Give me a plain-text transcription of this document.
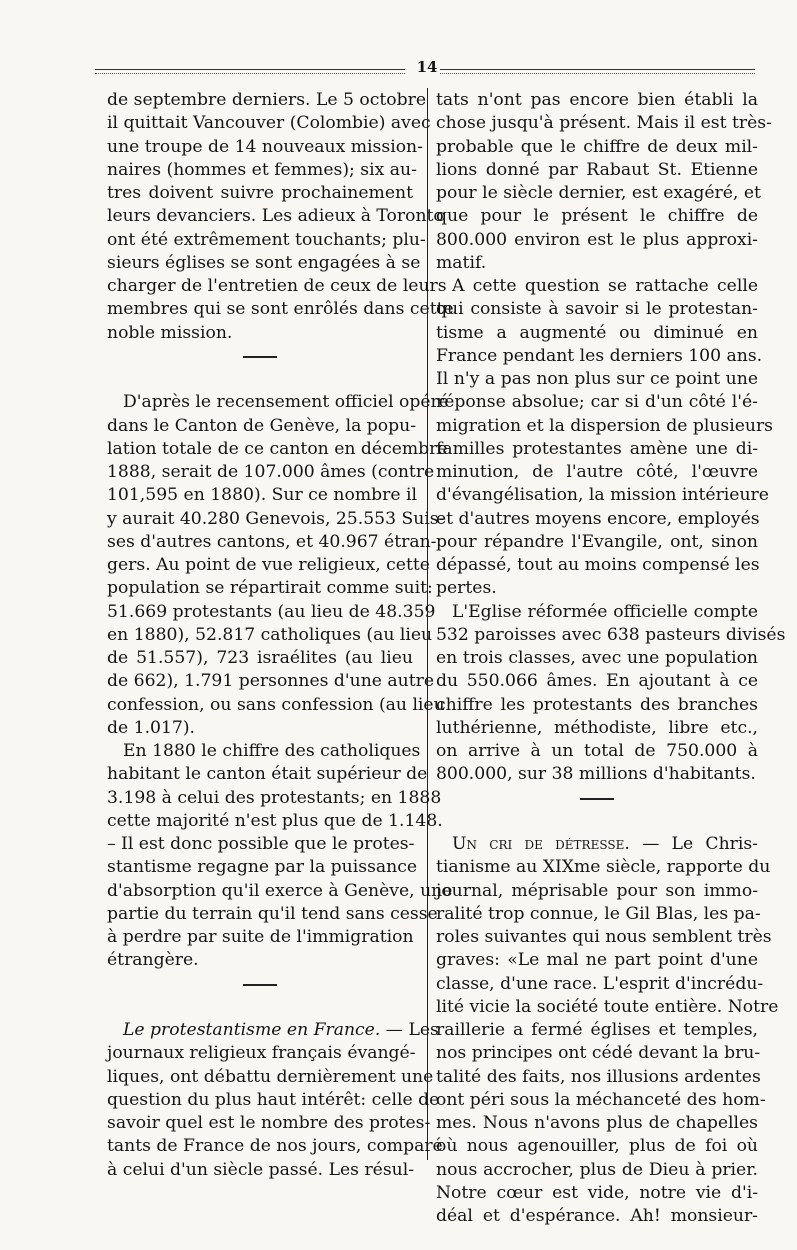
14
de septembre derniers. Le 5 octobre
il quittait Vancouver (Colombie) avec
une troupe de 14 nouveaux mission-
naires (hommes et femmes); six au-
tres doivent suivre prochainement
leurs devanciers. Les adieux à Toronto
ont été extrêmement touchants; plu-
sieurs églises se sont engagées à se
charger de l'entretien de ceux de leurs
membres qui se sont enrôlés dans cette
noble mission.
D'après le recensement officiel opéré
dans le Canton de Genève, la popu-
lation totale de ce canton en décembre
1888, serait de 107.000 âmes (contre
101,595 en 1880). Sur ce nombre il
y aurait 40.280 Genevois, 25.553 Suis-
ses d'autres cantons, et 40.967 étran-
gers. Au point de vue religieux, cette
population se répartirait comme suit:
51.669 protestants (au lieu de 48.359
en 1880), 52.817 catholiques (au lieu
de 51.557), 723 israélites (au lieu
de 662), 1.791 personnes d'une autre
confession, ou sans confession (au lieu
de 1.017).
En 1880 le chiffre des catholiques
habitant le canton était supérieur de
3.198 à celui des protestants; en 1888
cette majorité n'est plus que de 1.148.
– Il est donc possible que le protes-
stantisme regagne par la puissance
d'absorption qu'il exerce à Genève, une
partie du terrain qu'il tend sans cesse
à perdre par suite de l'immigration
étrangère.
Le protestantisme en France. — Les
journaux religieux français évangé-
liques, ont débattu dernièrement une
question du plus haut intérêt: celle de
savoir quel est le nombre des protes-
tants de France de nos jours, comparé
à celui d'un siècle passé. Les résul-
tats n'ont pas encore bien établi la
chose jusqu'à présent. Mais il est très-
probable que le chiffre de deux mil-
lions donné par Rabaut St. Etienne
pour le siècle dernier, est exagéré, et
que pour le présent le chiffre de
800.000 environ est le plus approxi-
matif.
A cette question se rattache celle
qui consiste à savoir si le protestan-
tisme a augmenté ou diminué en
France pendant les derniers 100 ans.
Il n'y a pas non plus sur ce point une
réponse absolue; car si d'un côté l'é-
migration et la dispersion de plusieurs
familles protestantes amène une di-
minution, de l'autre côté, l'œuvre
d'évangélisation, la mission intérieure
et d'autres moyens encore, employés
pour répandre l'Evangile, ont, sinon
dépassé, tout au moins compensé les
pertes.
L'Eglise réformée officielle compte
532 paroisses avec 638 pasteurs divisés
en trois classes, avec une population
du 550.066 âmes. En ajoutant à ce
chiffre les protestants des branches
luthérienne, méthodiste, libre etc.,
on arrive à un total de 750.000 à
800.000, sur 38 millions d'habitants.
Un cri de détresse. — Le Chris-
tianisme au XIXme siècle, rapporte du
journal, méprisable pour son immo-
ralité trop connue, le Gil Blas, les pa-
roles suivantes qui nous semblent très
graves: «Le mal ne part point d'une
classe, d'une race. L'esprit d'incrédu-
lité vicie la société toute entière. Notre
raillerie a fermé églises et temples,
nos principes ont cédé devant la bru-
talité des faits, nos illusions ardentes
ont péri sous la méchanceté des hom-
mes. Nous n'avons plus de chapelles
où nous agenouiller, plus de foi où
nous accrocher, plus de Dieu à prier.
Notre cœur est vide, notre vie d'i-
déal et d'espérance. Ah! monsieur-
